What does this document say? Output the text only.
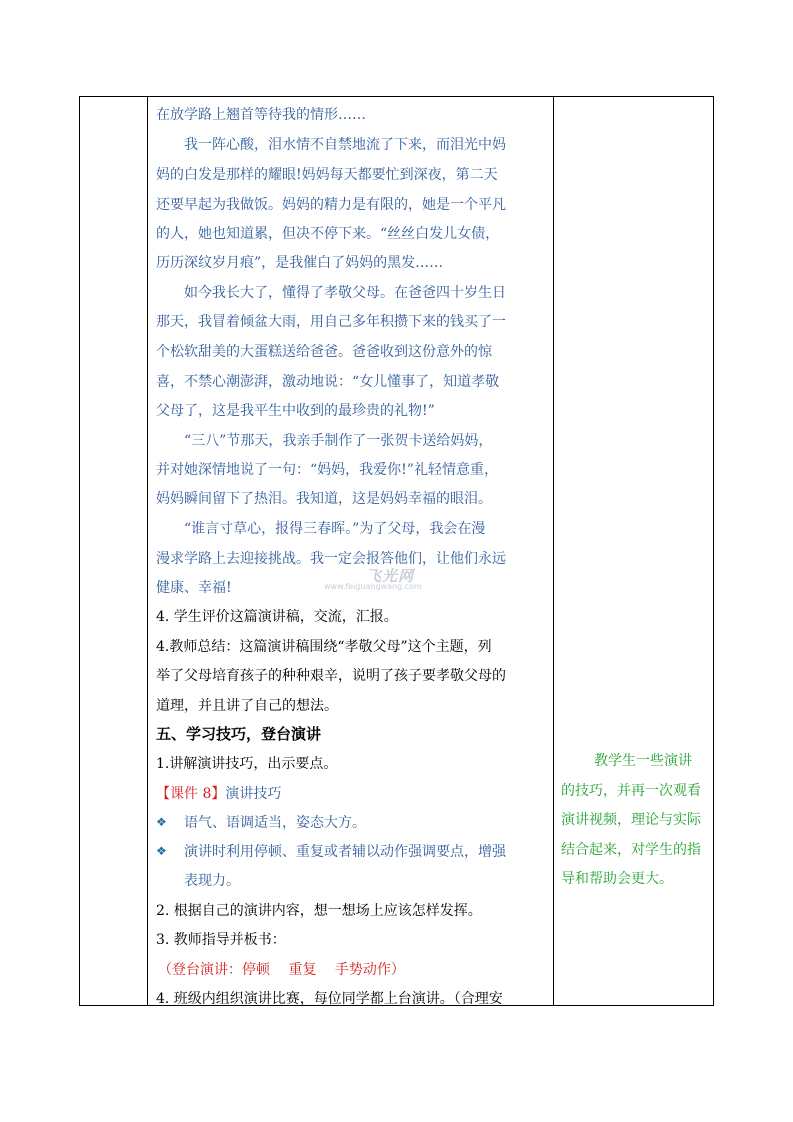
在放学路上翘首等待我的情形……
我一阵心酸，泪水情不自禁地流了下来，而泪光中妈
妈的白发是那样的耀眼!妈妈每天都要忙到深夜，第二天
还要早起为我做饭。妈妈的精力是有限的，她是一个平凡
的人，她也知道累，但决不停下来。“丝丝白发儿女债，
历历深纹岁月痕”，是我催白了妈妈的黑发……
如今我长大了，懂得了孝敬父母。在爸爸四十岁生日
那天，我冒着倾盆大雨，用自己多年积攒下来的钱买了一
个松软甜美的大蛋糕送给爸爸。爸爸收到这份意外的惊
喜，不禁心潮澎湃，激动地说：“女儿懂事了，知道孝敬
父母了，这是我平生中收到的最珍贵的礼物!”
“三八”节那天，我亲手制作了一张贺卡送给妈妈，
并对她深情地说了一句：“妈妈，我爱你!”礼轻情意重，
妈妈瞬间留下了热泪。我知道，这是妈妈幸福的眼泪。
“谁言寸草心，报得三春晖。”为了父母，我会在漫
漫求学路上去迎接挑战。我一定会报答他们，让他们永远
健康、幸福!
4. 学生评价这篇演讲稿，交流，汇报。
4.教师总结：这篇演讲稿围绕“孝敬父母”这个主题，列
举了父母培育孩子的种种艰辛，说明了孩子要孝敬父母的
道理，并且讲了自己的想法。
五、学习技巧，登台演讲
1.讲解演讲技巧，出示要点。
【课件 8】演讲技巧
❖ 语气、语调适当，姿态大方。
❖ 演讲时利用停顿、重复或者辅以动作强调要点，增强
表现力。
2. 根据自己的演讲内容，想一想场上应该怎样发挥。
3. 教师指导并板书：
（登台演讲：停顿　 重复　 手势动作）
4. 班级内组织演讲比赛，每位同学都上台演讲。（合理安
教学生一些演讲
的技巧，并再一次观看
演讲视频，理论与实际
结合起来，对学生的指
导和帮助会更大。
飞光网
www.feiguangwang.com
